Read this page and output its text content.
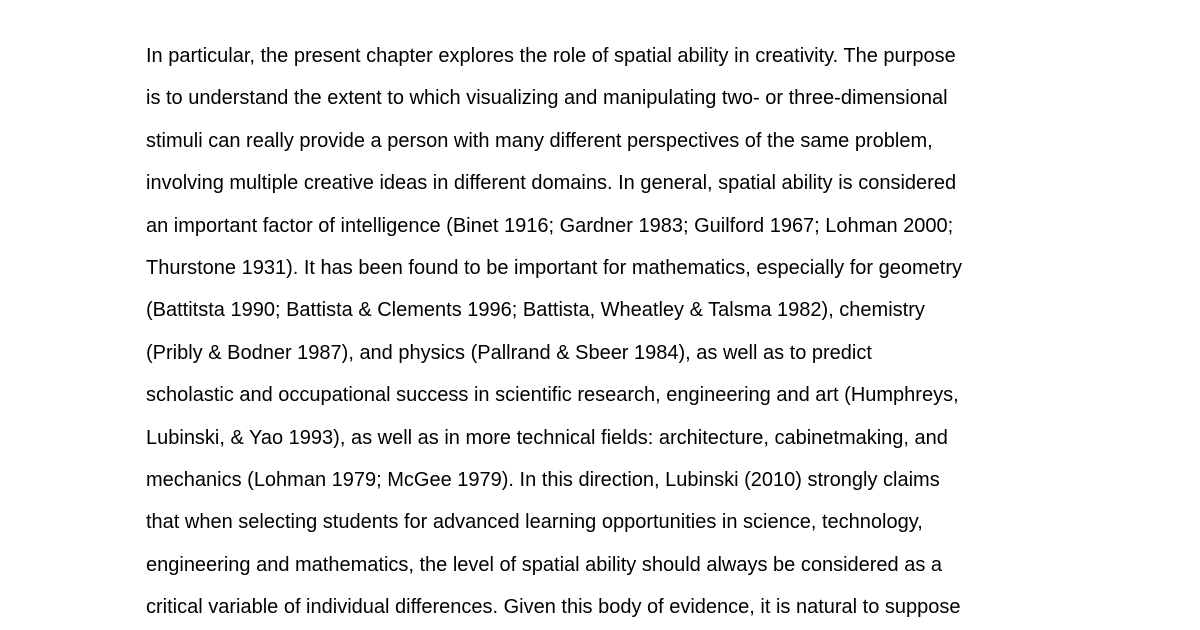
In particular, the present chapter explores the role of spatial ability in creativity. The purpose
is to understand the extent to which visualizing and manipulating two- or three-dimensional
stimuli can really provide a person with many different perspectives of the same problem,
involving multiple creative ideas in different domains. In general, spatial ability is considered
an important factor of intelligence (Binet 1916; Gardner 1983; Guilford 1967; Lohman 2000;
Thurstone 1931). It has been found to be important for mathematics, especially for geometry
(Battitsta 1990; Battista & Clements 1996; Battista, Wheatley & Talsma 1982), chemistry
(Pribly & Bodner 1987), and physics (Pallrand & Sbeer 1984), as well as to predict
scholastic and occupational success in scientific research, engineering and art (Humphreys,
Lubinski, & Yao 1993), as well as in more technical fields: architecture, cabinetmaking, and
mechanics (Lohman 1979; McGee 1979). In this direction, Lubinski (2010) strongly claims
that when selecting students for advanced learning opportunities in science, technology,
engineering and mathematics, the level of spatial ability should always be considered as a
critical variable of individual differences. Given this body of evidence, it is natural to suppose
